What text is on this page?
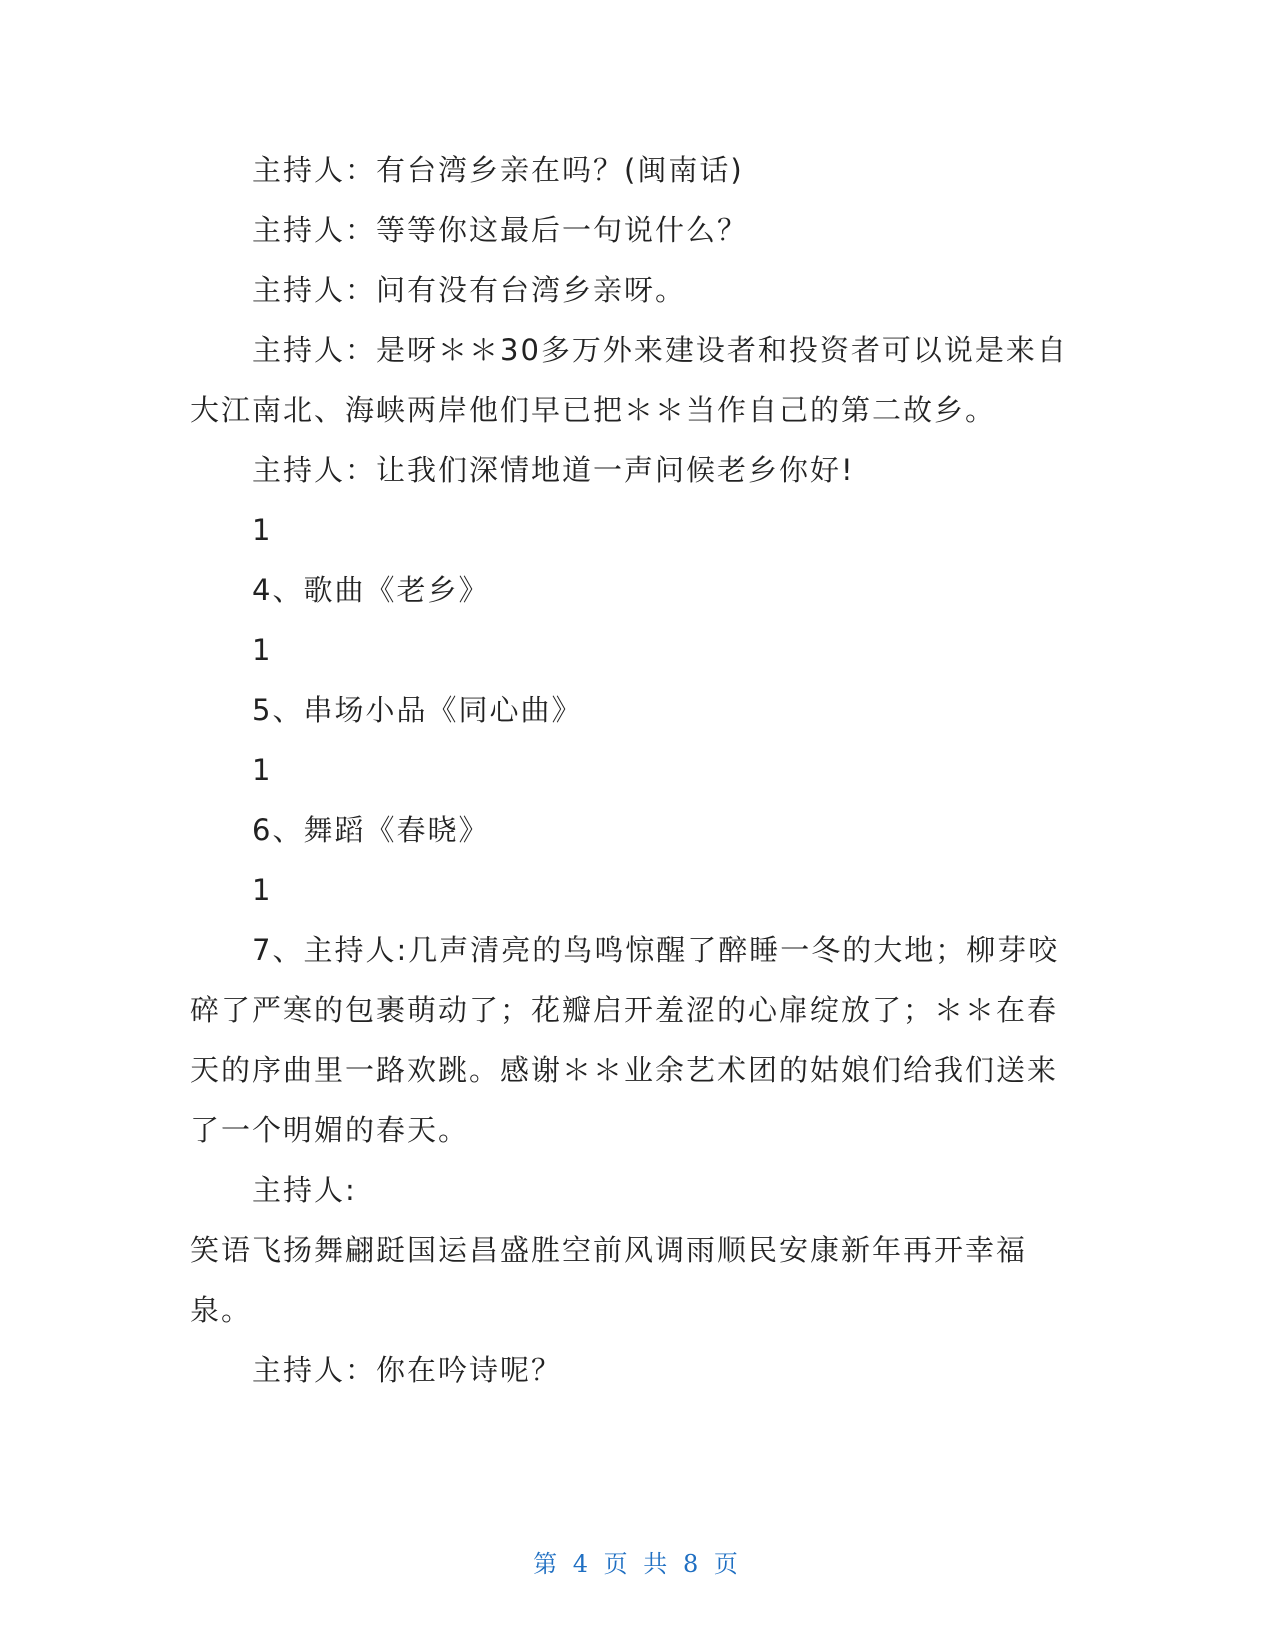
主持人：有台湾乡亲在吗？(闽南话)

主持人：等等你这最后一句说什么？

主持人：问有没有台湾乡亲呀。

主持人：是呀＊＊30多万外来建设者和投资者可以说是来自大江南北、海峡两岸他们早已把＊＊当作自己的第二故乡。

主持人：让我们深情地道一声问候老乡你好!

1

4、歌曲《老乡》

1

5、串场小品《同心曲》

1

6、舞蹈《春晓》

1

7、主持人:几声清亮的鸟鸣惊醒了醉睡一冬的大地；柳芽咬碎了严寒的包裹萌动了；花瓣启开羞涩的心扉绽放了；＊＊在春天的序曲里一路欢跳。感谢＊＊业余艺术团的姑娘们给我们送来了一个明媚的春天。

主持人:

笑语飞扬舞翩跹国运昌盛胜空前风调雨顺民安康新年再开幸福泉。

主持人：你在吟诗呢？

第 4 页 共 8 页
